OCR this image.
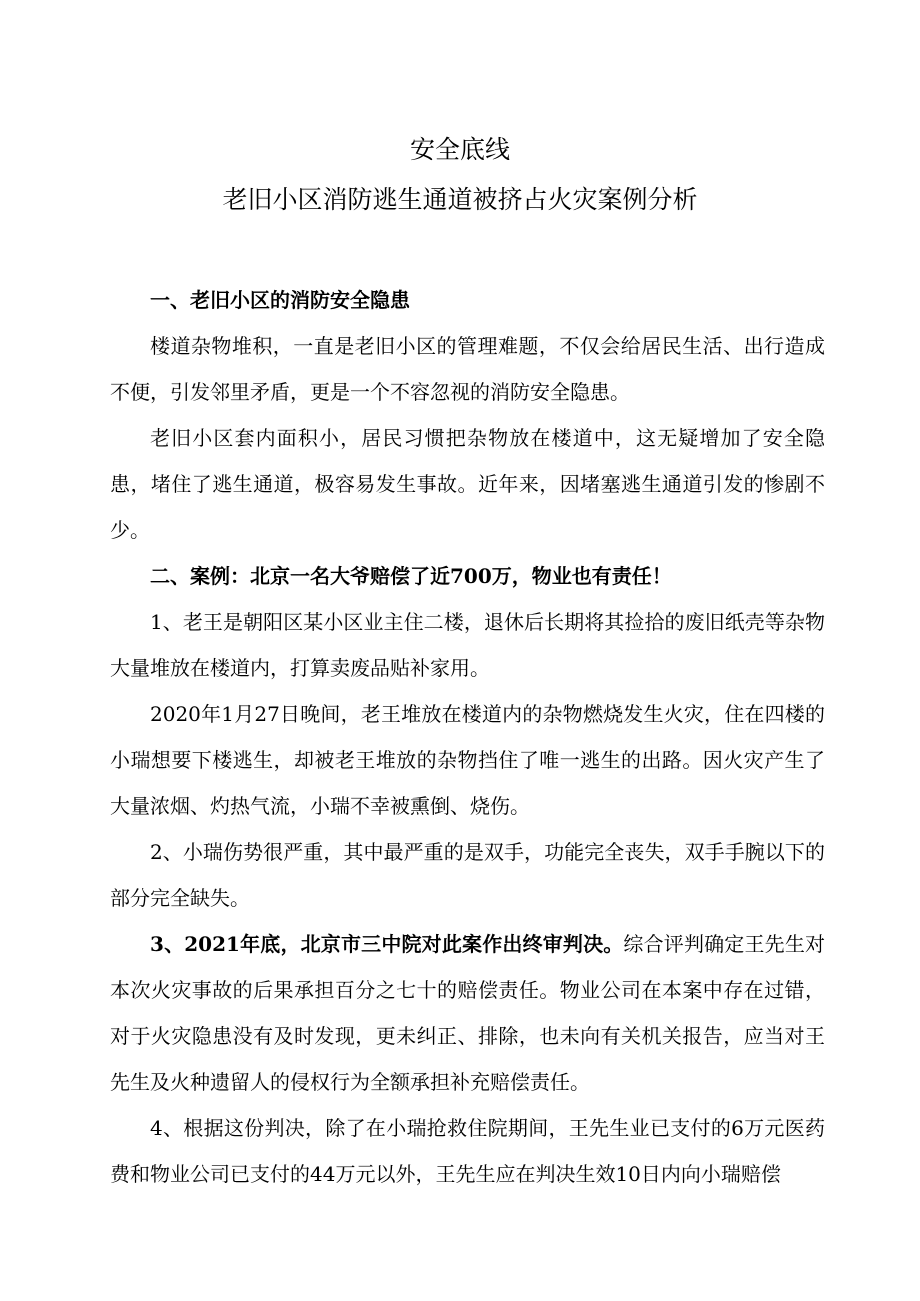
安全底线
老旧小区消防逃生通道被挤占火灾案例分析

一、老旧小区的消防安全隐患

楼道杂物堆积，一直是老旧小区的管理难题，不仅会给居民生活、出行造成不便，引发邻里矛盾，更是一个不容忽视的消防安全隐患。

老旧小区套内面积小，居民习惯把杂物放在楼道中，这无疑增加了安全隐患，堵住了逃生通道，极容易发生事故。近年来，因堵塞逃生通道引发的惨剧不少。

二、案例：北京一名大爷赔偿了近700万，物业也有责任！

1、老王是朝阳区某小区业主住二楼，退休后长期将其捡拾的废旧纸壳等杂物大量堆放在楼道内，打算卖废品贴补家用。

2020年1月27日晚间，老王堆放在楼道内的杂物燃烧发生火灾，住在四楼的小瑞想要下楼逃生，却被老王堆放的杂物挡住了唯一逃生的出路。因火灾产生了大量浓烟、灼热气流，小瑞不幸被熏倒、烧伤。

2、小瑞伤势很严重，其中最严重的是双手，功能完全丧失，双手手腕以下的部分完全缺失。

3、2021年底，北京市三中院对此案作出终审判决。综合评判确定王先生对本次火灾事故的后果承担百分之七十的赔偿责任。物业公司在本案中存在过错，对于火灾隐患没有及时发现，更未纠正、排除，也未向有关机关报告，应当对王先生及火种遗留人的侵权行为全额承担补充赔偿责任。

4、根据这份判决，除了在小瑞抢救住院期间，王先生业已支付的6万元医药费和物业公司已支付的44万元以外，王先生应在判决生效10日内向小瑞赔偿
